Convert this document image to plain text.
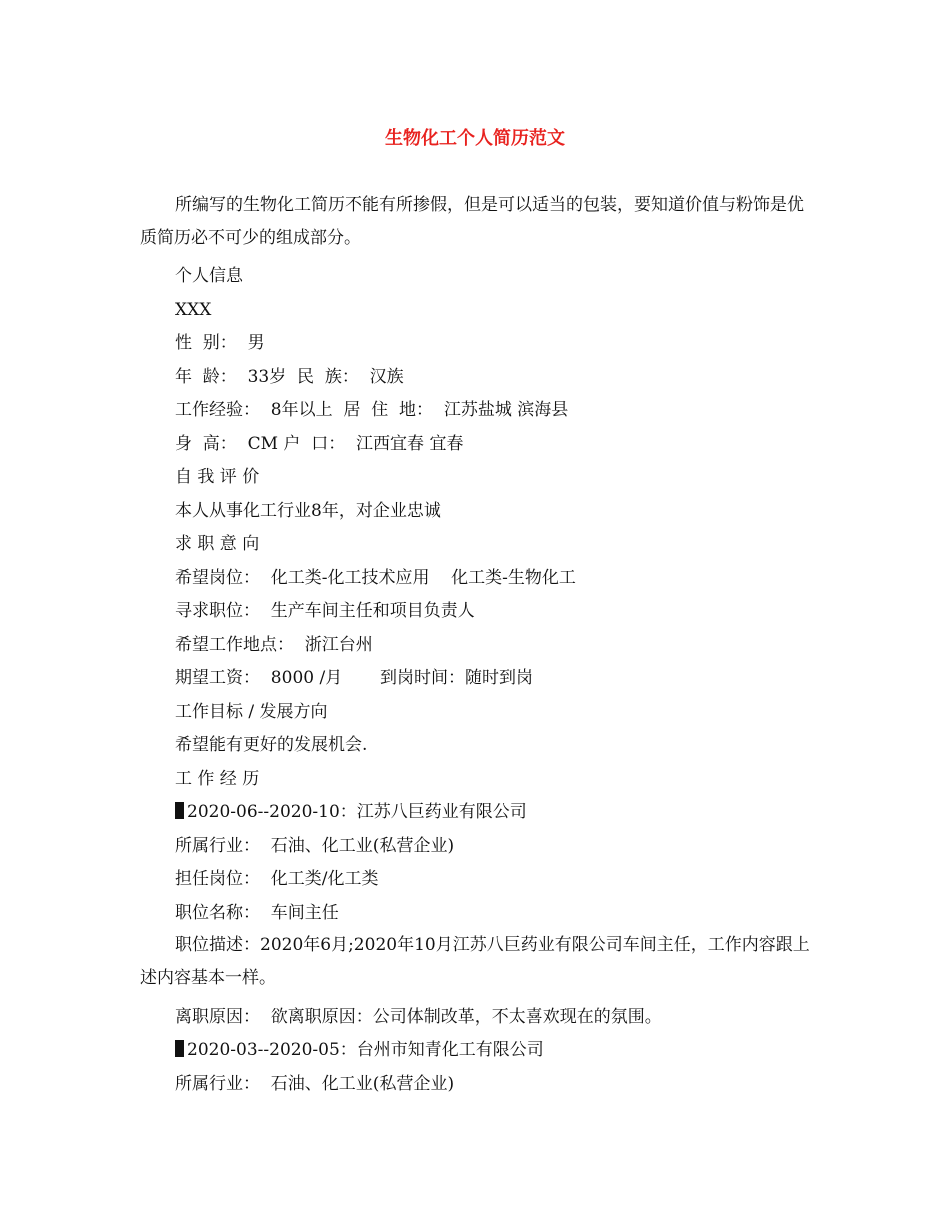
生物化工个人简历范文
所编写的生物化工简历不能有所掺假，但是可以适当的包装，要知道价值与粉饰是优质简历必不可少的组成部分。
个人信息
XXX
性  别：  男
年  龄：  33岁  民  族：  汉族
工作经验：  8年以上  居  住  地：  江苏盐城 滨海县
身  高：  CM 户  口：  江西宜春 宜春
自 我 评 价
本人从事化工行业8年，对企业忠诚
求 职 意 向
希望岗位：  化工类-化工技术应用    化工类-生物化工
寻求职位：  生产车间主任和项目负责人
希望工作地点：  浙江台州
期望工资：  8000 /月       到岗时间：随时到岗
工作目标 / 发展方向
希望能有更好的发展机会.
工 作 经 历
2020-06--2020-10：江苏八巨药业有限公司
所属行业：  石油、化工业(私营企业)
担任岗位：  化工类/化工类
职位名称：  车间主任
职位描述：2020年6月;2020年10月江苏八巨药业有限公司车间主任，工作内容跟上述内容基本一样。
离职原因：  欲离职原因：公司体制改革，不太喜欢现在的氛围。
2020-03--2020-05：台州市知青化工有限公司
所属行业：  石油、化工业(私营企业)
